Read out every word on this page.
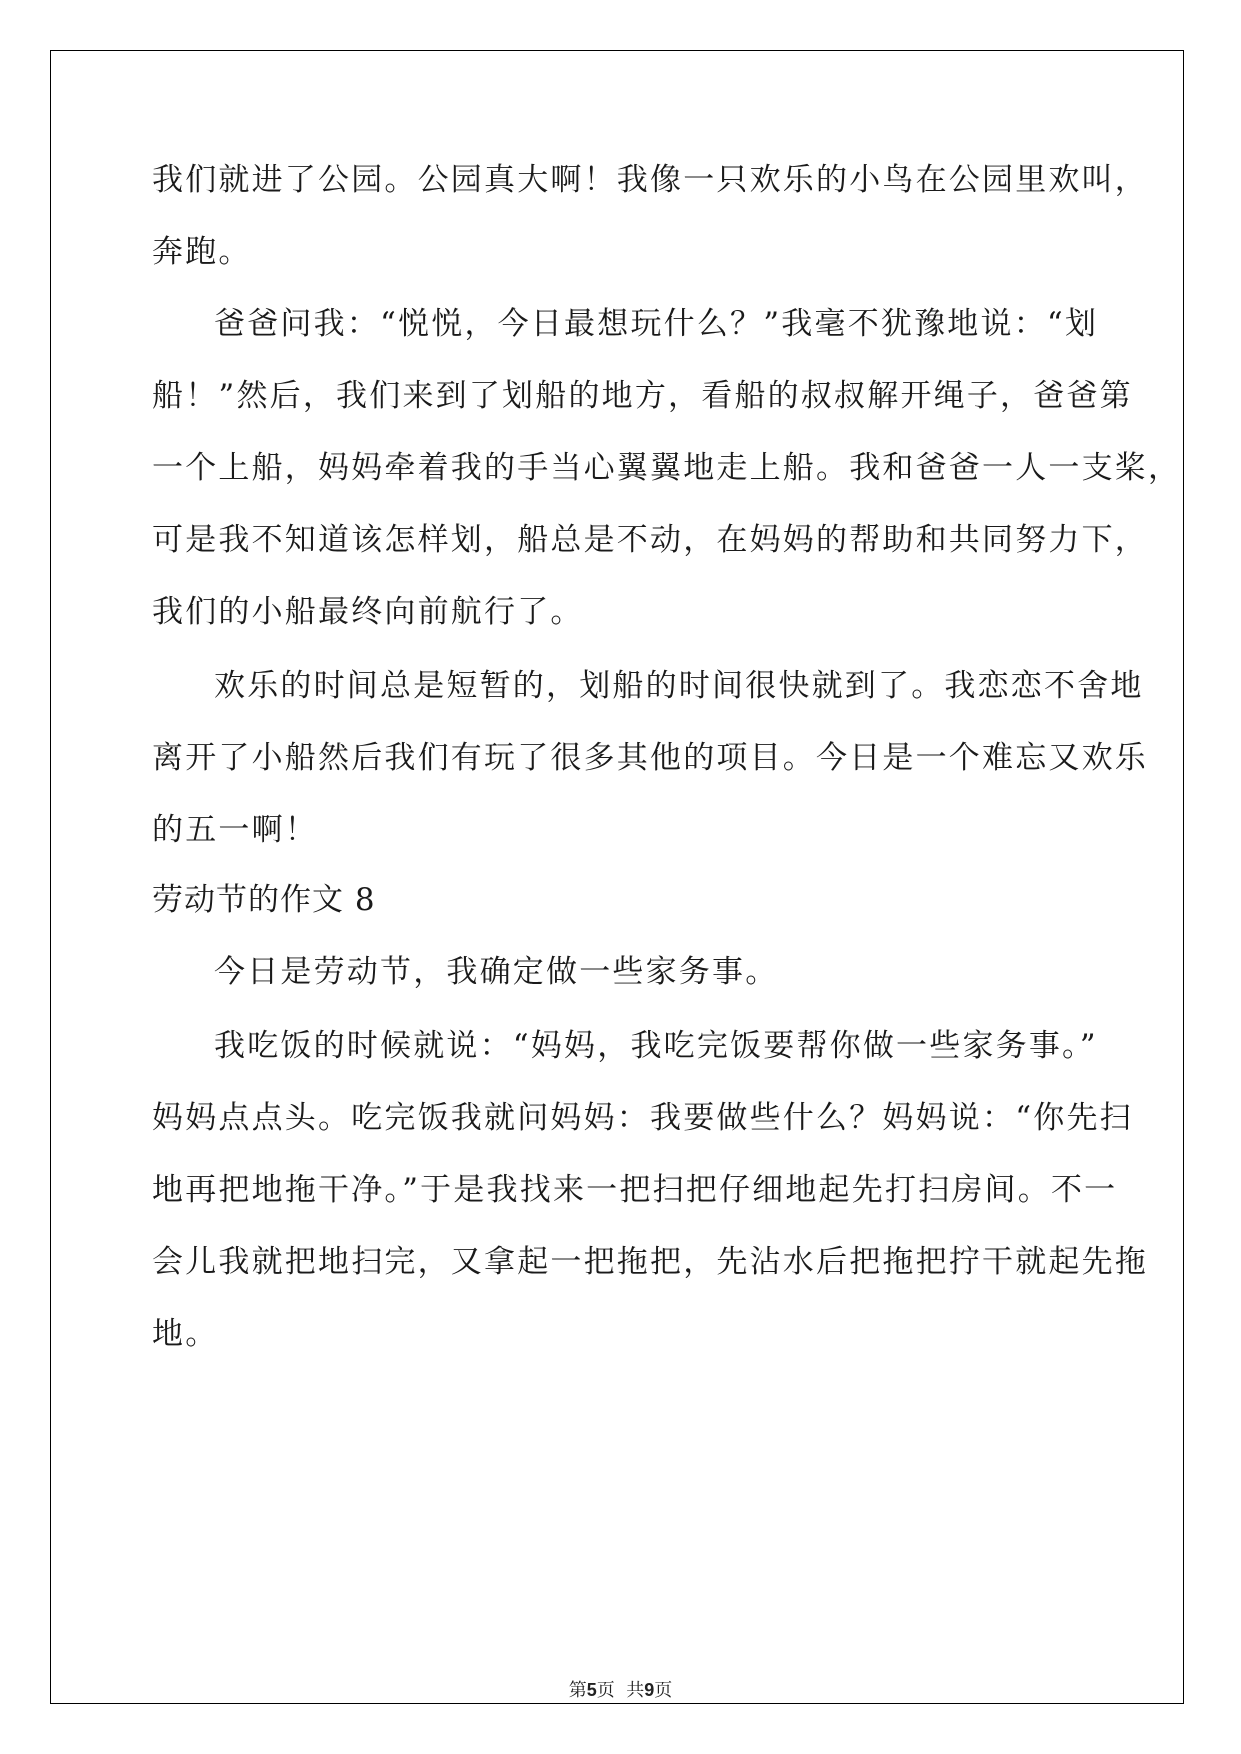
我们就进了公园。公园真大啊！我像一只欢乐的小鸟在公园里欢叫，
奔跑。
爸爸问我：“悦悦，今日最想玩什么？”我毫不犹豫地说：“划
船！”然后，我们来到了划船的地方，看船的叔叔解开绳子，爸爸第
一个上船，妈妈牵着我的手当心翼翼地走上船。我和爸爸一人一支桨，
可是我不知道该怎样划，船总是不动，在妈妈的帮助和共同努力下，
我们的小船最终向前航行了。
欢乐的时间总是短暂的，划船的时间很快就到了。我恋恋不舍地
离开了小船然后我们有玩了很多其他的项目。今日是一个难忘又欢乐
的五一啊！
劳动节的作文 8
今日是劳动节，我确定做一些家务事。
我吃饭的时候就说：“妈妈，我吃完饭要帮你做一些家务事。”
妈妈点点头。吃完饭我就问妈妈：我要做些什么？妈妈说：“你先扫
地再把地拖干净。”于是我找来一把扫把仔细地起先打扫房间。不一
会儿我就把地扫完，又拿起一把拖把，先沾水后把拖把拧干就起先拖
地。
第5页  共9页
